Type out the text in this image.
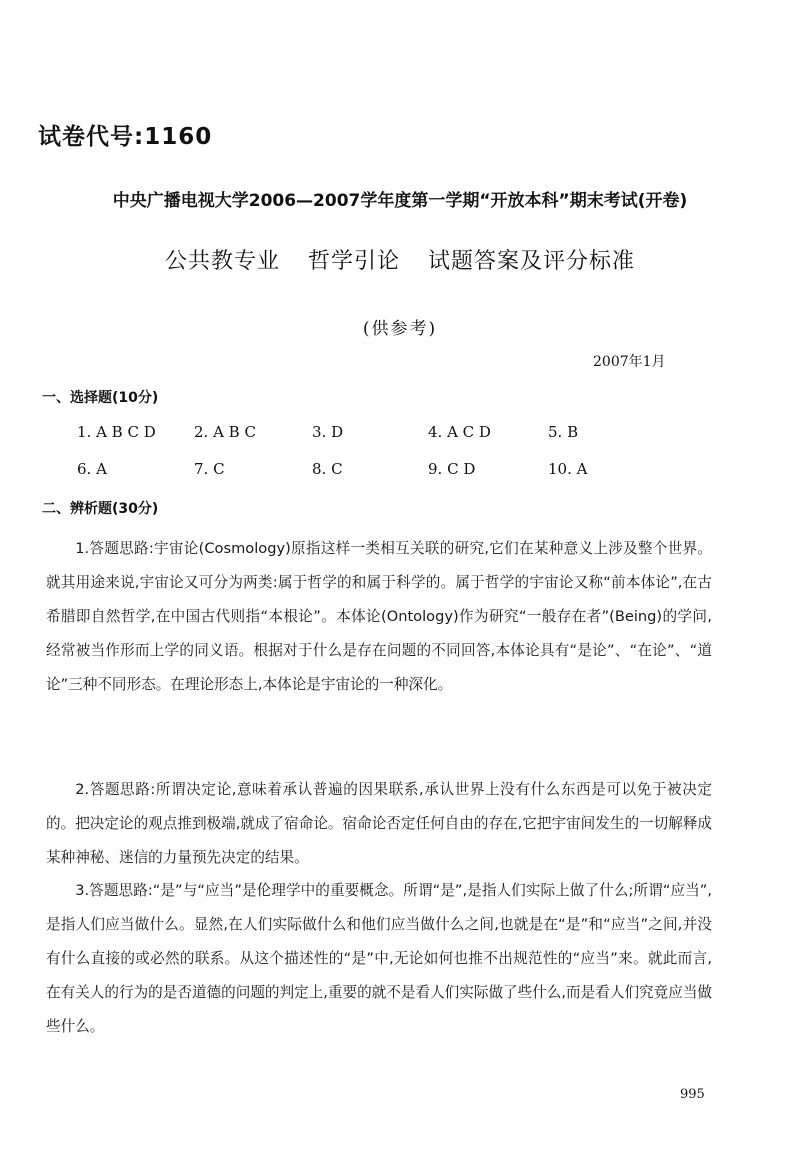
试卷代号:1160
中央广播电视大学2006—2007学年度第一学期“开放本科”期末考试(开卷)
公共教专业 哲学引论 试题答案及评分标准
(供参考)
2007年1月
一、选择题(10分)
1. A B C D	2. A B C	3. D	4. A C D	5. B
6. A	7. C	8. C	9. C D	10. A
二、辨析题(30分)
1.答题思路:宇宙论(Cosmology)原指这样一类相互关联的研究,它们在某种意义上涉及整个世界。就其用途来说,宇宙论又可分为两类:属于哲学的和属于科学的。属于哲学的宇宙论又称“前本体论”,在古希腊即自然哲学,在中国古代则指“本根论”。本体论(Ontology)作为研究“一般存在者”(Being)的学问,经常被当作形而上学的同义语。根据对于什么是存在问题的不同回答,本体论具有“是论”、“在论”、“道论”三种不同形态。在理论形态上,本体论是宇宙论的一种深化。
2.答题思路:所谓决定论,意味着承认普遍的因果联系,承认世界上没有什么东西是可以免于被决定的。把决定论的观点推到极端,就成了宿命论。宿命论否定任何自由的存在,它把宇宙间发生的一切解释成某种神秘、迷信的力量预先决定的结果。
3.答题思路:“是”与“应当”是伦理学中的重要概念。所谓“是”,是指人们实际上做了什么;所谓“应当”,是指人们应当做什么。显然,在人们实际做什么和他们应当做什么之间,也就是在“是”和“应当”之间,并没有什么直接的或必然的联系。从这个描述性的“是”中,无论如何也推不出规范性的“应当”来。就此而言,在有关人的行为的是否道德的问题的判定上,重要的就不是看人们实际做了些什么,而是看人们究竟应当做些什么。
995
